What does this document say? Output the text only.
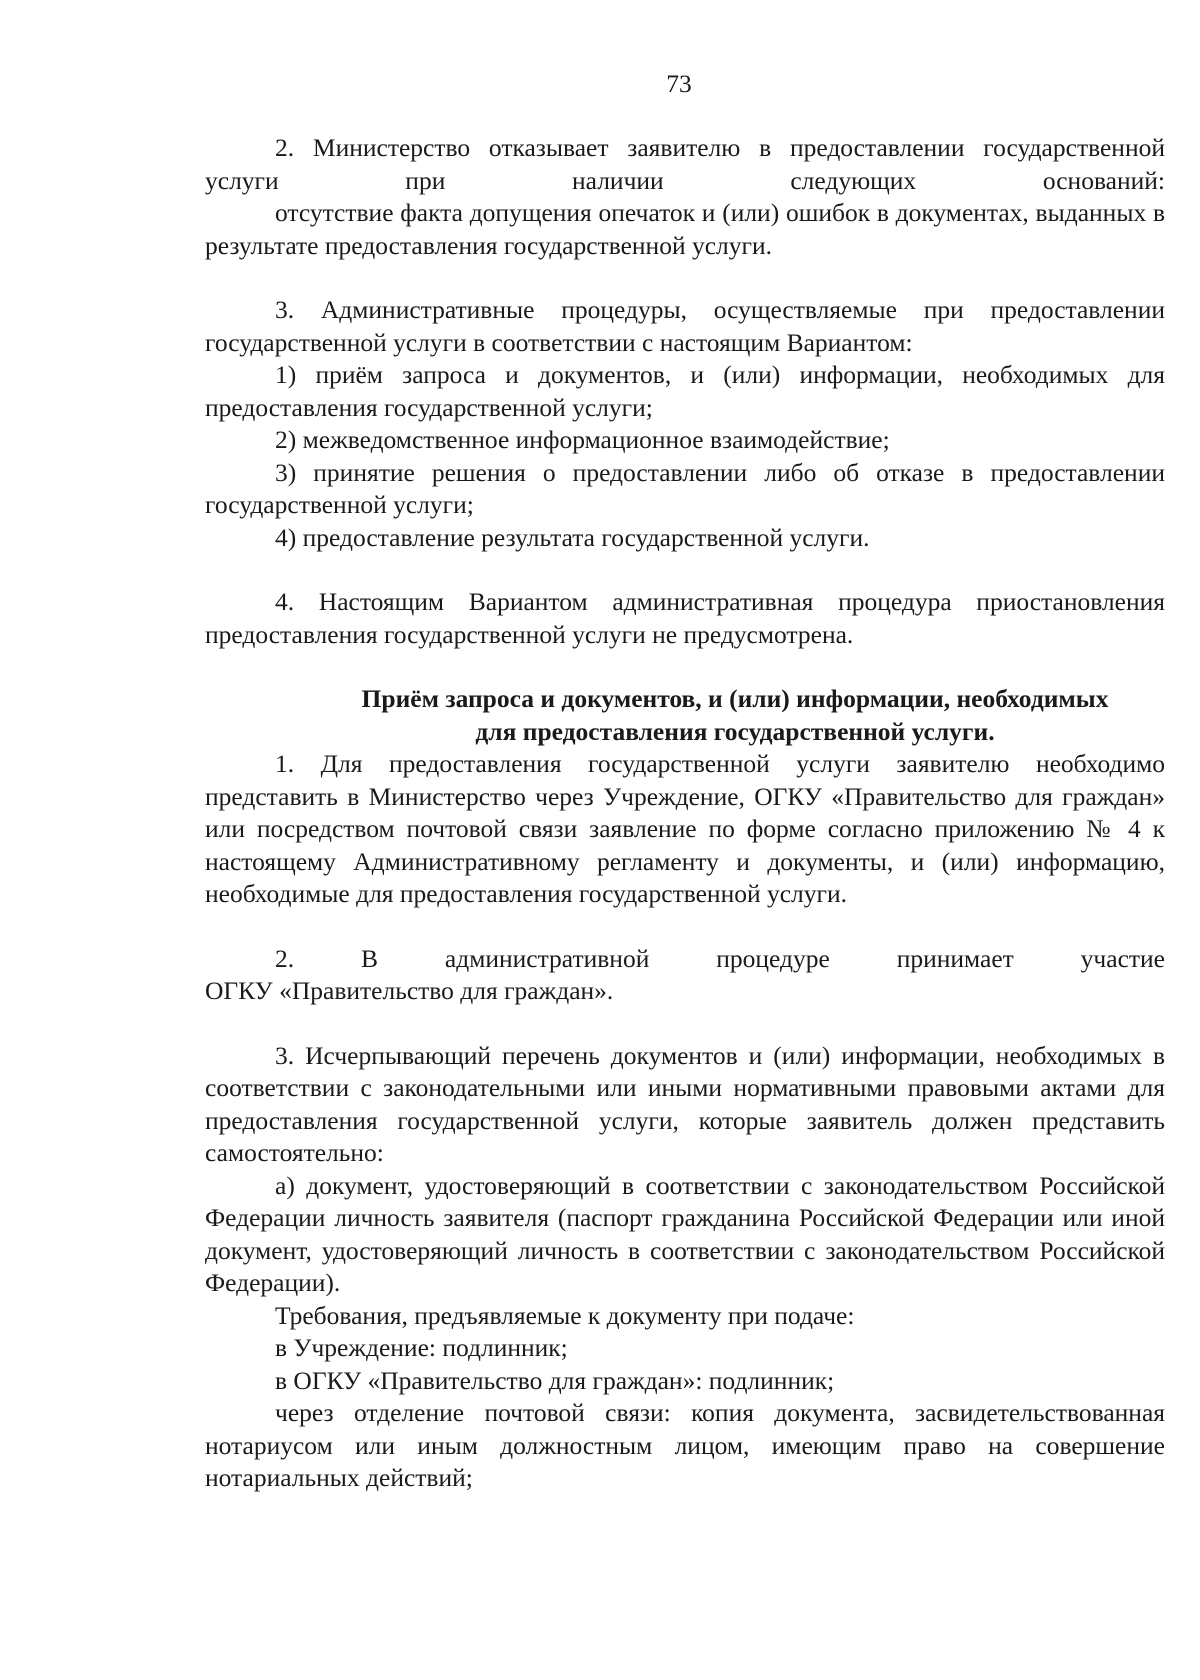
73

2. Министерство отказывает заявителю в предоставлении государственной услуги при наличии следующих оснований:

отсутствие факта допущения опечаток и (или) ошибок в документах, выданных в результате предоставления государственной услуги.

3. Административные процедуры, осуществляемые при предоставлении государственной услуги в соответствии с настоящим Вариантом:

1) приём запроса и документов, и (или) информации, необходимых для предоставления государственной услуги;

2) межведомственное информационное взаимодействие;

3) принятие решения о предоставлении либо об отказе в предоставлении государственной услуги;

4) предоставление результата государственной услуги.

4. Настоящим Вариантом административная процедура приостановления предоставления государственной услуги не предусмотрена.

Приём запроса и документов, и (или) информации, необходимых
для предоставления государственной услуги.

1. Для предоставления государственной услуги заявителю необходимо представить в Министерство через Учреждение, ОГКУ «Правительство для граждан» или посредством почтовой связи заявление по форме согласно приложению № 4 к настоящему Административному регламенту и документы, и (или) информацию, необходимые для предоставления государственной услуги.

2. В административной процедуре принимает участие

ОГКУ «Правительство для граждан».

3. Исчерпывающий перечень документов и (или) информации, необходимых в соответствии с законодательными или иными нормативными правовыми актами для предоставления государственной услуги, которые заявитель должен представить самостоятельно:

а) документ, удостоверяющий в соответствии с законодательством Российской Федерации личность заявителя (паспорт гражданина Российской Федерации или иной документ, удостоверяющий личность в соответствии с законодательством Российской Федерации).

Требования, предъявляемые к документу при подаче:

в Учреждение: подлинник;

в ОГКУ «Правительство для граждан»: подлинник;

через отделение почтовой связи: копия документа, засвидетельствованная нотариусом или иным должностным лицом, имеющим право на совершение нотариальных действий;
